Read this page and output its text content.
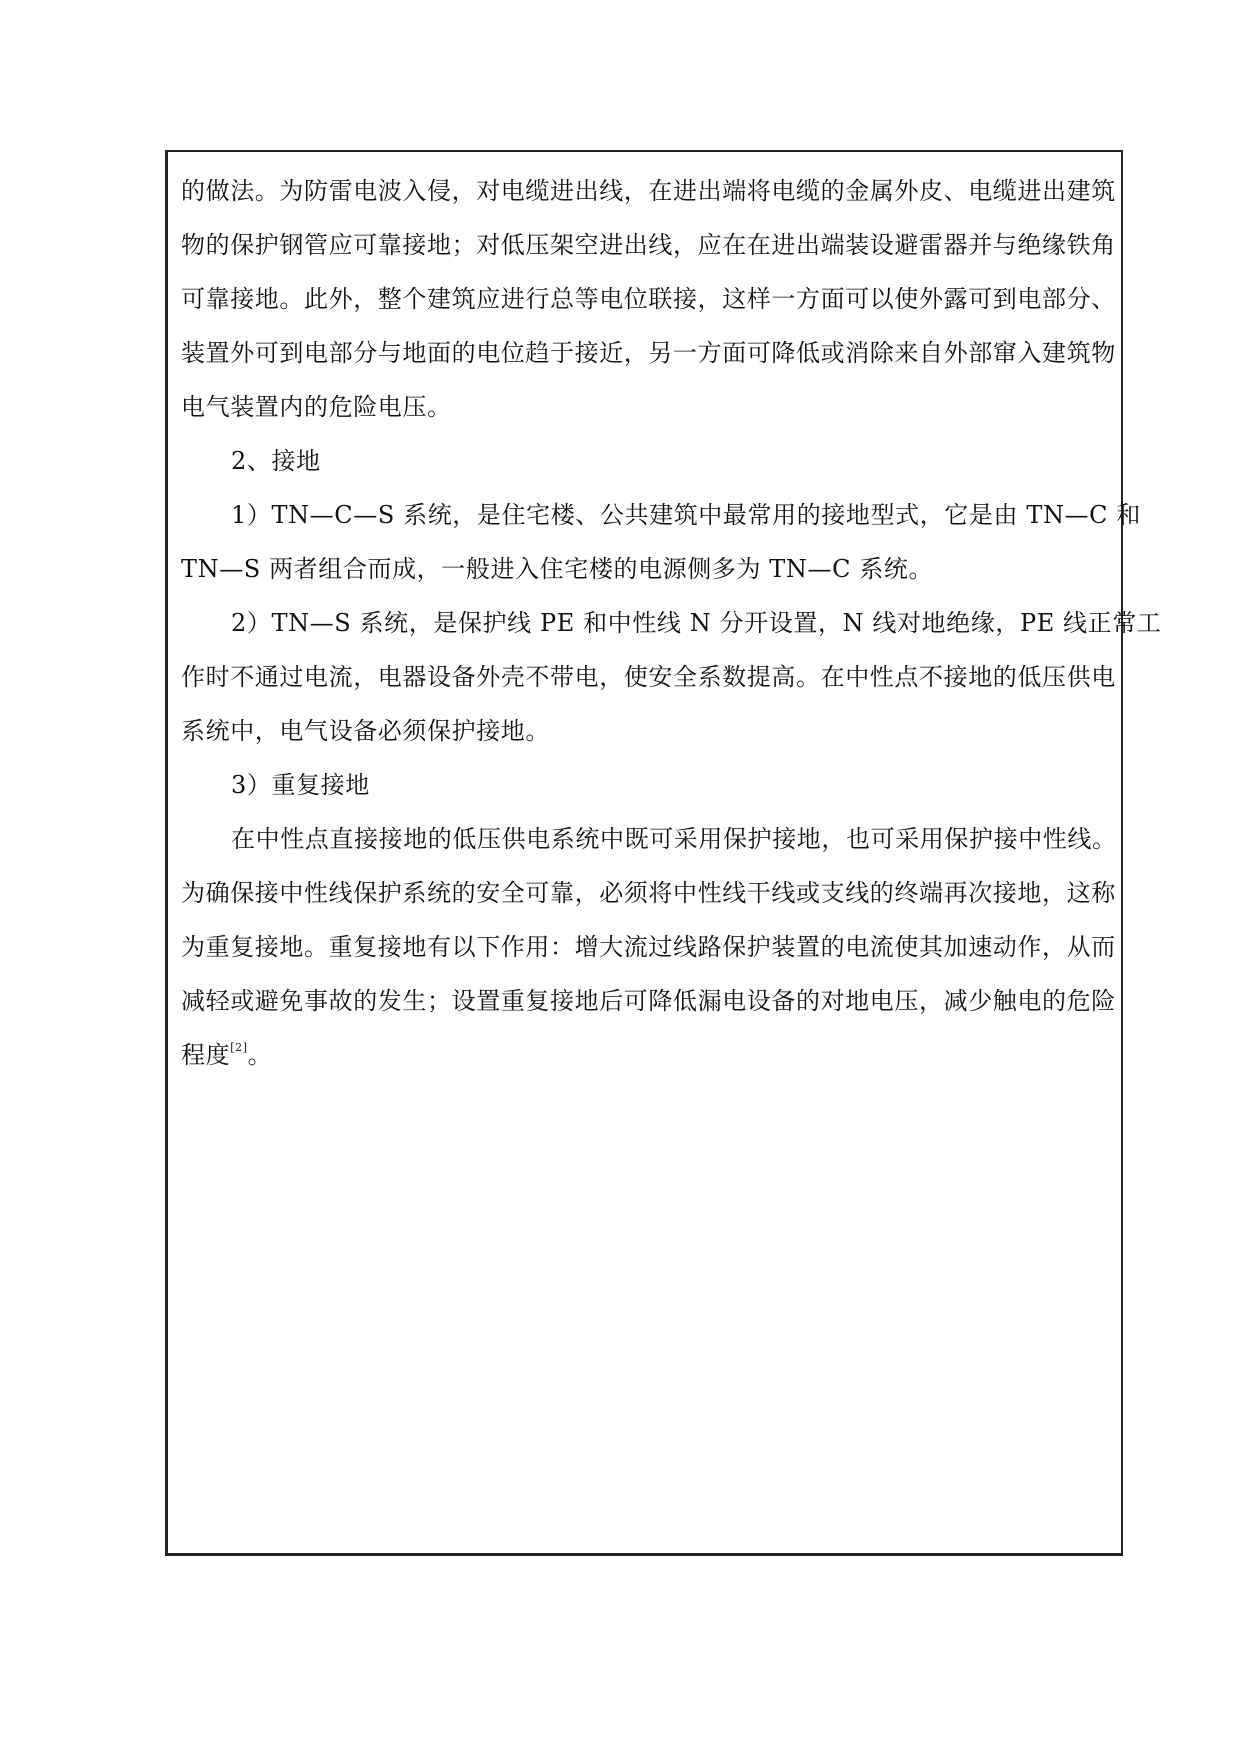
的做法。为防雷电波入侵，对电缆进出线，在进出端将电缆的金属外皮、电缆进出建筑
物的保护钢管应可靠接地；对低压架空进出线，应在在进出端装设避雷器并与绝缘铁角
可靠接地。此外，整个建筑应进行总等电位联接，这样一方面可以使外露可到电部分、
装置外可到电部分与地面的电位趋于接近，另一方面可降低或消除来自外部窜入建筑物
电气装置内的危险电压。
2、接地
1）TN—C—S 系统，是住宅楼、公共建筑中最常用的接地型式，它是由 TN—C 和
TN—S 两者组合而成，一般进入住宅楼的电源侧多为 TN—C 系统。
2）TN—S 系统，是保护线 PE 和中性线 N 分开设置，N 线对地绝缘，PE 线正常工
作时不通过电流，电器设备外壳不带电，使安全系数提高。在中性点不接地的低压供电
系统中，电气设备必须保护接地。
3）重复接地
在中性点直接接地的低压供电系统中既可采用保护接地，也可采用保护接中性线。
为确保接中性线保护系统的安全可靠，必须将中性线干线或支线的终端再次接地，这称
为重复接地。重复接地有以下作用：增大流过线路保护装置的电流使其加速动作，从而
减轻或避免事故的发生；设置重复接地后可降低漏电设备的对地电压，减少触电的危险
程度[2]。
